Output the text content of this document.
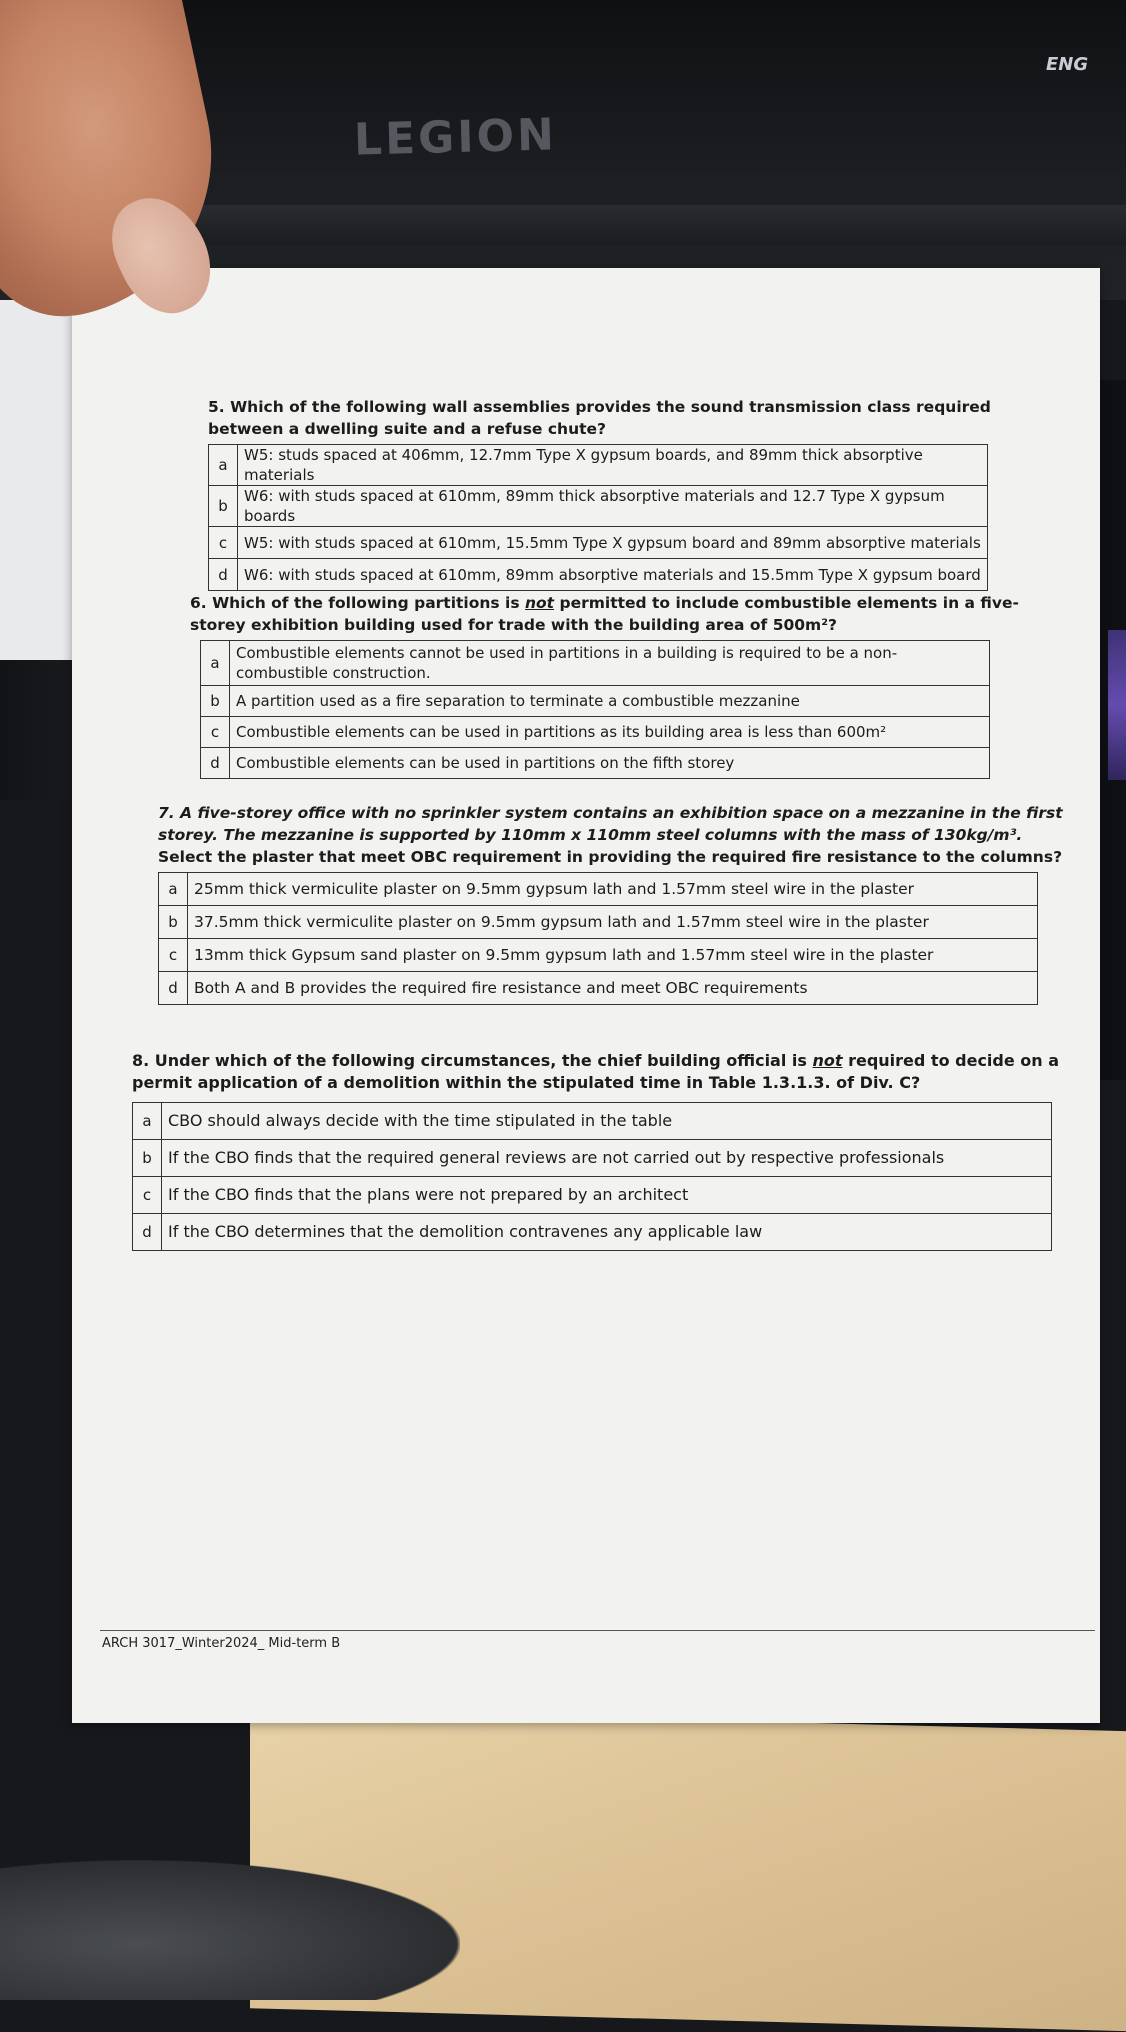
LEGION
ENG
5. Which of the following wall assemblies provides the sound transmission class required between a dwelling suite and a refuse chute?
a	W5: studs spaced at 406mm, 12.7mm Type X gypsum boards, and 89mm thick absorptive materials
b	W6: with studs spaced at 610mm, 89mm thick absorptive materials and 12.7 Type X gypsum boards
c	W5: with studs spaced at 610mm, 15.5mm Type X gypsum board and 89mm absorptive materials
d	W6: with studs spaced at 610mm, 89mm absorptive materials and 15.5mm Type X gypsum board
6. Which of the following partitions is not permitted to include combustible elements in a five-storey exhibition building used for trade with the building area of 500m²?
a	Combustible elements cannot be used in partitions in a building is required to be a non-combustible construction.
b	A partition used as a fire separation to terminate a combustible mezzanine
c	Combustible elements can be used in partitions as its building area is less than 600m²
d	Combustible elements can be used in partitions on the fifth storey
7. A five-storey office with no sprinkler system contains an exhibition space on a mezzanine in the first storey. The mezzanine is supported by 110mm x 110mm steel columns with the mass of 130kg/m³. Select the plaster that meet OBC requirement in providing the required fire resistance to the columns?
a	25mm thick vermiculite plaster on 9.5mm gypsum lath and 1.57mm steel wire in the plaster
b	37.5mm thick vermiculite plaster on 9.5mm gypsum lath and 1.57mm steel wire in the plaster
c	13mm thick Gypsum sand plaster on 9.5mm gypsum lath and 1.57mm steel wire in the plaster
d	Both A and B provides the required fire resistance and meet OBC requirements
8. Under which of the following circumstances, the chief building official is not required to decide on a permit application of a demolition within the stipulated time in Table 1.3.1.3. of Div. C?
a	CBO should always decide with the time stipulated in the table
b	If the CBO finds that the required general reviews are not carried out by respective professionals
c	If the CBO finds that the plans were not prepared by an architect
d	If the CBO determines that the demolition contravenes any applicable law
ARCH 3017_Winter2024_ Mid-term B
